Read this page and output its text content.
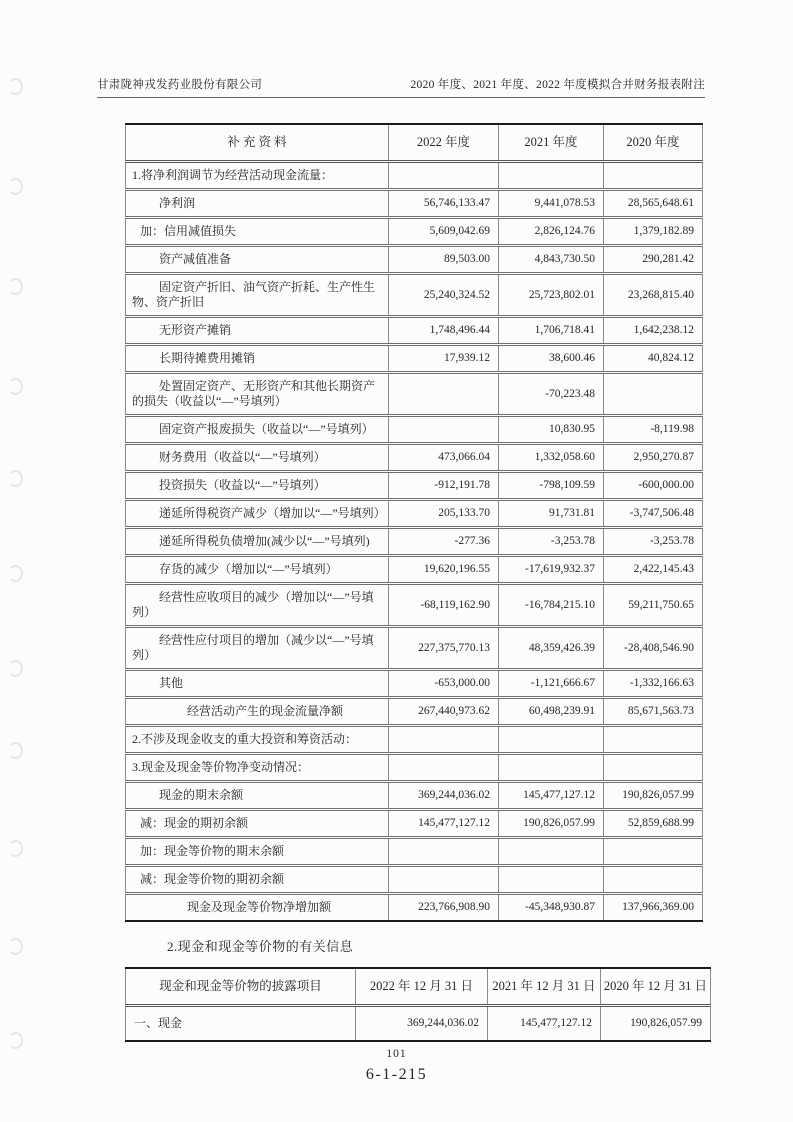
甘肃陇神戎发药业股份有限公司	2020 年度、2021 年度、2022 年度模拟合并财务报表附注
补 充 资 料	2022 年度	2021 年度	2020 年度
1.将净利润调节为经营活动现金流量：			
净利润	56,746,133.47	9,441,078.53	28,565,648.61
加：信用减值损失	5,609,042.69	2,826,124.76	1,379,182.89
资产减值准备	89,503.00	4,843,730.50	290,281.42
固定资产折旧、油气资产折耗、生产性生物、资产折旧	25,240,324.52	25,723,802.01	23,268,815.40
无形资产摊销	1,748,496.44	1,706,718.41	1,642,238.12
长期待摊费用摊销	17,939.12	38,600.46	40,824.12
处置固定资产、无形资产和其他长期资产的损失（收益以“—”号填列）		-70,223.48	
固定资产报废损失（收益以“—”号填列）		10,830.95	-8,119.98
财务费用（收益以“—”号填列）	473,066.04	1,332,058.60	2,950,270.87
投资损失（收益以“—”号填列）	-912,191.78	-798,109.59	-600,000.00
递延所得税资产减少（增加以“—”号填列）	205,133.70	91,731.81	-3,747,506.48
递延所得税负债增加(减少以“—”号填列)	-277.36	-3,253.78	-3,253.78
存货的减少（增加以“—”号填列）	19,620,196.55	-17,619,932.37	2,422,145.43
经营性应收项目的减少（增加以“—”号填列）	-68,119,162.90	-16,784,215.10	59,211,750.65
经营性应付项目的增加（减少以“—”号填列）	227,375,770.13	48,359,426.39	-28,408,546.90
其他	-653,000.00	-1,121,666.67	-1,332,166.63
经营活动产生的现金流量净额	267,440,973.62	60,498,239.91	85,671,563.73
2.不涉及现金收支的重大投资和筹资活动：			
3.现金及现金等价物净变动情况：			
现金的期末余额	369,244,036.02	145,477,127.12	190,826,057.99
减：现金的期初余额	145,477,127.12	190,826,057.99	52,859,688.99
加：现金等价物的期末余额			
减：现金等价物的期初余额			
现金及现金等价物净增加额	223,766,908.90	-45,348,930.87	137,966,369.00
2.现金和现金等价物的有关信息
现金和现金等价物的披露项目	2022 年 12 月 31 日	2021 年 12 月 31 日	2020 年 12 月 31 日
一、现金	369,244,036.02	145,477,127.12	190,826,057.99
101
6-1-215
